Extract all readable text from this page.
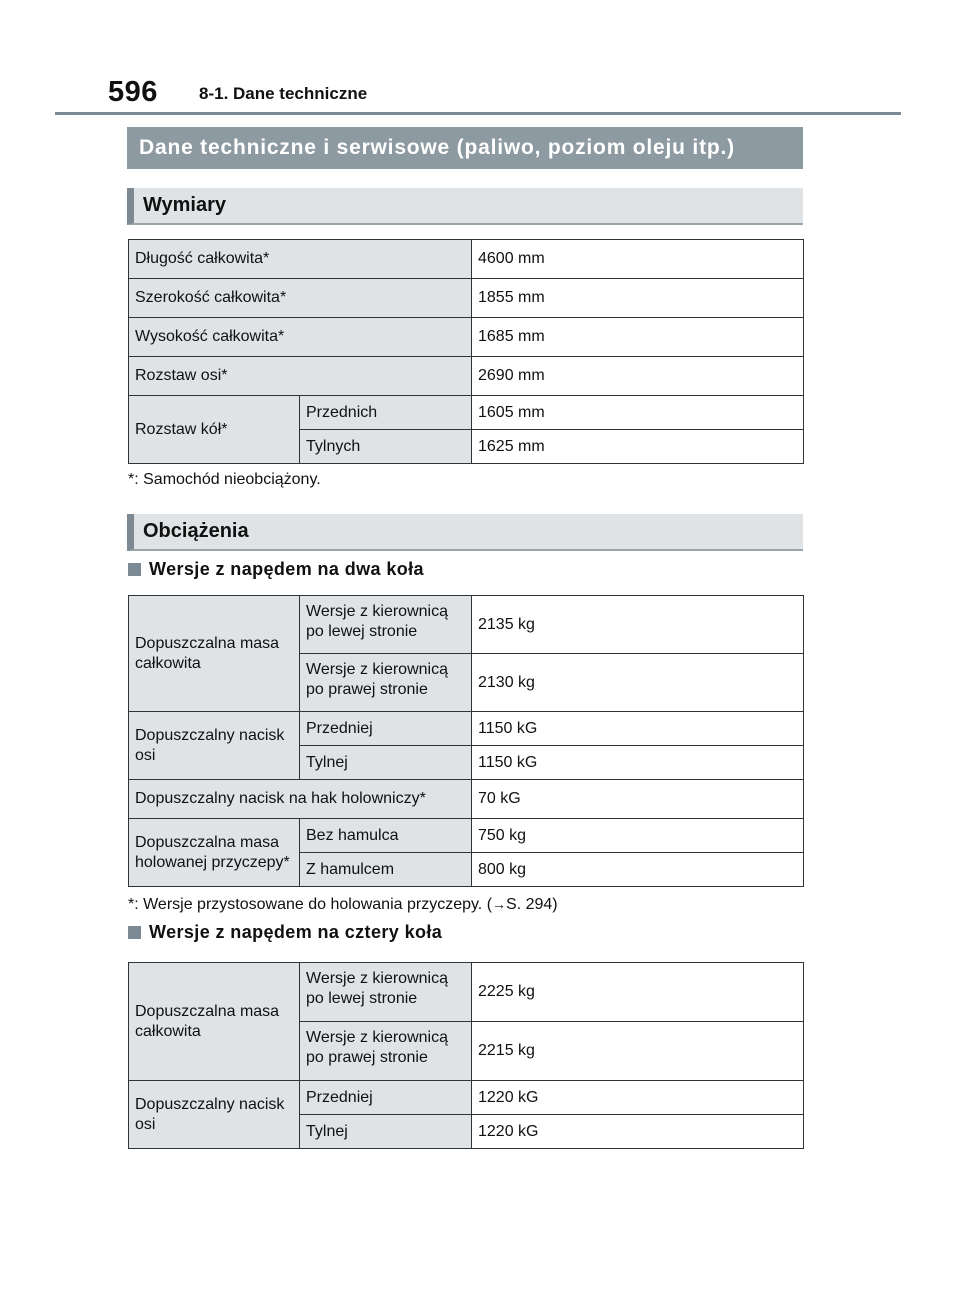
596 8-1. Dane techniczne
Dane techniczne i serwisowe (paliwo, poziom oleju itp.)
Wymiary
Długość całkowita*		4600 mm
Szerokość całkowita*		1855 mm
Wysokość całkowita*		1685 mm
Rozstaw osi*		2690 mm
Rozstaw kół*	Przednich	1605 mm
	Tylnych	1625 mm
*: Samochód nieobciążony.
Obciążenia
Wersje z napędem na dwa koła
Dopuszczalna masa całkowita	Wersje z kierownicą po lewej stronie	2135 kg
	Wersje z kierownicą po prawej stronie	2130 kg
Dopuszczalny nacisk osi	Przedniej	1150 kG
	Tylnej	1150 kG
Dopuszczalny nacisk na hak holowniczy*		70 kG
Dopuszczalna masa holowanej przyczepy*	Bez hamulca	750 kg
	Z hamulcem	800 kg
*: Wersje przystosowane do holowania przyczepy. (→S. 294)
Wersje z napędem na cztery koła
Dopuszczalna masa całkowita	Wersje z kierownicą po lewej stronie	2225 kg
	Wersje z kierownicą po prawej stronie	2215 kg
Dopuszczalny nacisk osi	Przedniej	1220 kG
	Tylnej	1220 kG
